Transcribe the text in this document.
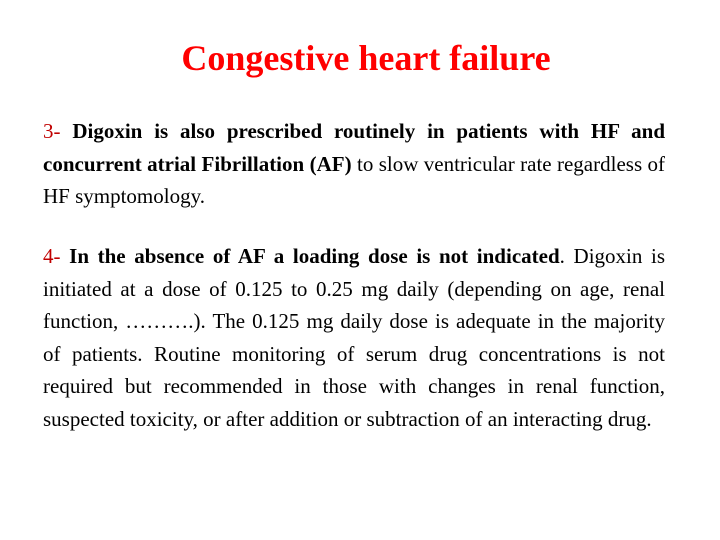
Congestive heart failure

3- Digoxin is also prescribed routinely in patients with HF and concurrent atrial Fibrillation (AF) to slow ventricular rate regardless of HF symptomology.

4- In the absence of AF a loading dose is not indicated. Digoxin is initiated at a dose of 0.125 to 0.25 mg daily (depending on age, renal function, ……….). The 0.125 mg daily dose is adequate in the majority of patients. Routine monitoring of serum drug concentrations is not required but recommended in those with changes in renal function, suspected toxicity, or after addition or subtraction of an interacting drug.
